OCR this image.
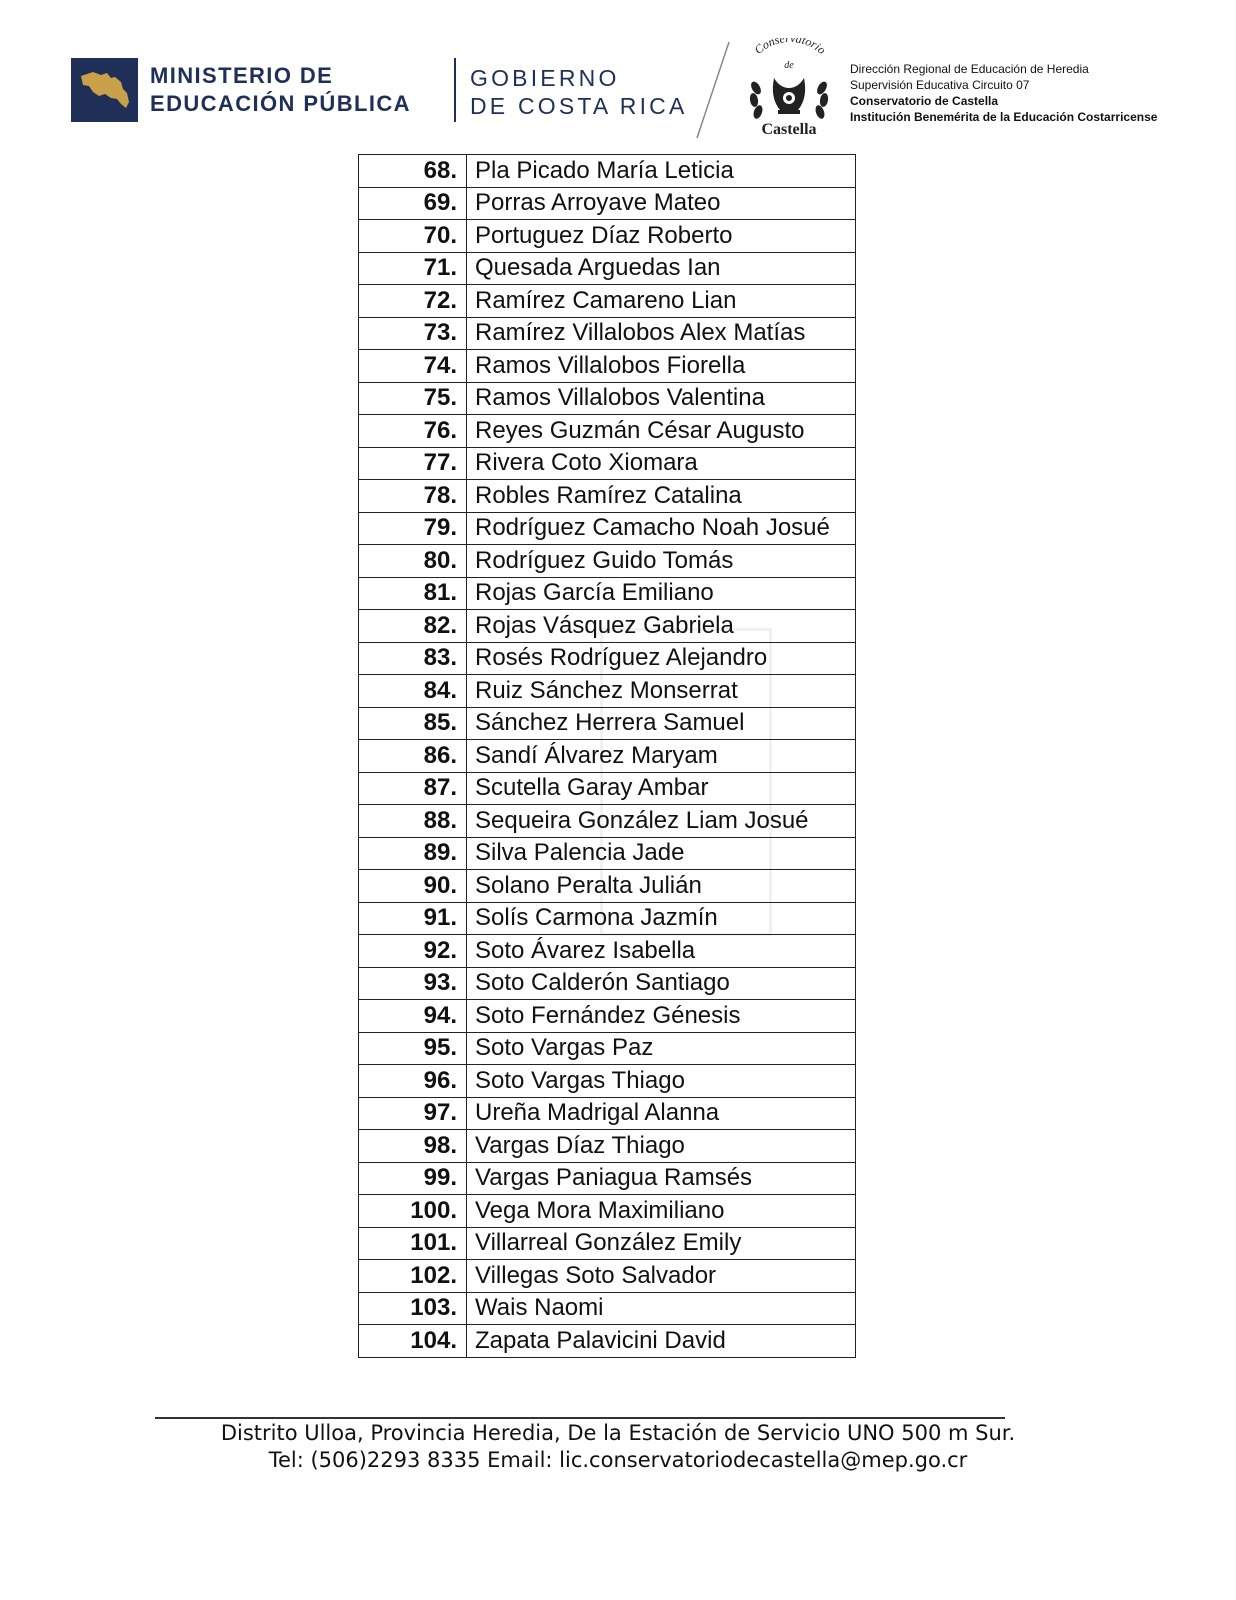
MINISTERIO DE
EDUCACIÓN PÚBLICA
GOBIERNO
DE COSTA RICA
Conservatorio
de
Castella
Dirección Regional de Educación de Heredia
Supervisión Educativa Circuito 07
Conservatorio de Castella
Institución Benemérita de la Educación Costarricense
68.	Pla Picado María Leticia
69.	Porras Arroyave Mateo
70.	Portuguez Díaz Roberto
71.	Quesada Arguedas Ian
72.	Ramírez Camareno Lian
73.	Ramírez Villalobos Alex Matías
74.	Ramos Villalobos Fiorella
75.	Ramos Villalobos Valentina
76.	Reyes Guzmán César Augusto
77.	Rivera Coto Xiomara
78.	Robles Ramírez Catalina
79.	Rodríguez Camacho Noah Josué
80.	Rodríguez Guido Tomás
81.	Rojas García Emiliano
82.	Rojas Vásquez Gabriela
83.	Rosés Rodríguez Alejandro
84.	Ruiz Sánchez Monserrat
85.	Sánchez Herrera Samuel
86.	Sandí Álvarez Maryam
87.	Scutella Garay Ambar
88.	Sequeira González Liam Josué
89.	Silva Palencia Jade
90.	Solano Peralta Julián
91.	Solís Carmona Jazmín
92.	Soto Ávarez Isabella
93.	Soto Calderón Santiago
94.	Soto Fernández Génesis
95.	Soto Vargas Paz
96.	Soto Vargas Thiago
97.	Ureña Madrigal Alanna
98.	Vargas Díaz Thiago
99.	Vargas Paniagua Ramsés
100.	Vega Mora Maximiliano
101.	Villarreal González Emily
102.	Villegas Soto Salvador
103.	Wais Naomi
104.	Zapata Palavicini David
Distrito Ulloa, Provincia Heredia, De la Estación de Servicio UNO 500 m Sur.
Tel: (506)2293 8335 Email: lic.conservatoriodecastella@mep.go.cr
